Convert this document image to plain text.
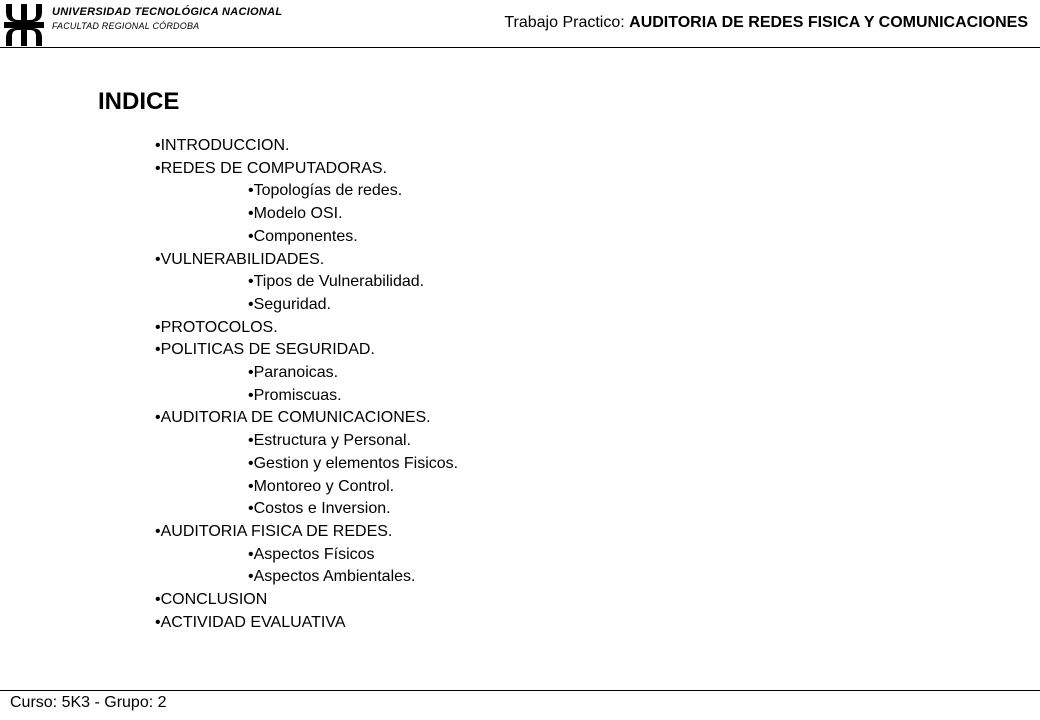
UNIVERSIDAD TECNOLÓGICA NACIONAL
FACULTAD REGIONAL CÓRDOBA	Trabajo Practico: AUDITORIA DE REDES FISICA Y COMUNICACIONES
INDICE
•INTRODUCCION.
•REDES DE COMPUTADORAS.
•Topologías de redes.
•Modelo OSI.
•Componentes.
•VULNERABILIDADES.
•Tipos de Vulnerabilidad.
•Seguridad.
•PROTOCOLOS.
•POLITICAS DE SEGURIDAD.
•Paranoicas.
•Promiscuas.
•AUDITORIA DE COMUNICACIONES.
•Estructura y Personal.
•Gestion y elementos Fisicos.
•Montoreo y Control.
•Costos e Inversion.
•AUDITORIA FISICA DE REDES.
•Aspectos Físicos
•Aspectos Ambientales.
•CONCLUSION
•ACTIVIDAD EVALUATIVA
Curso: 5K3 - Grupo: 2
